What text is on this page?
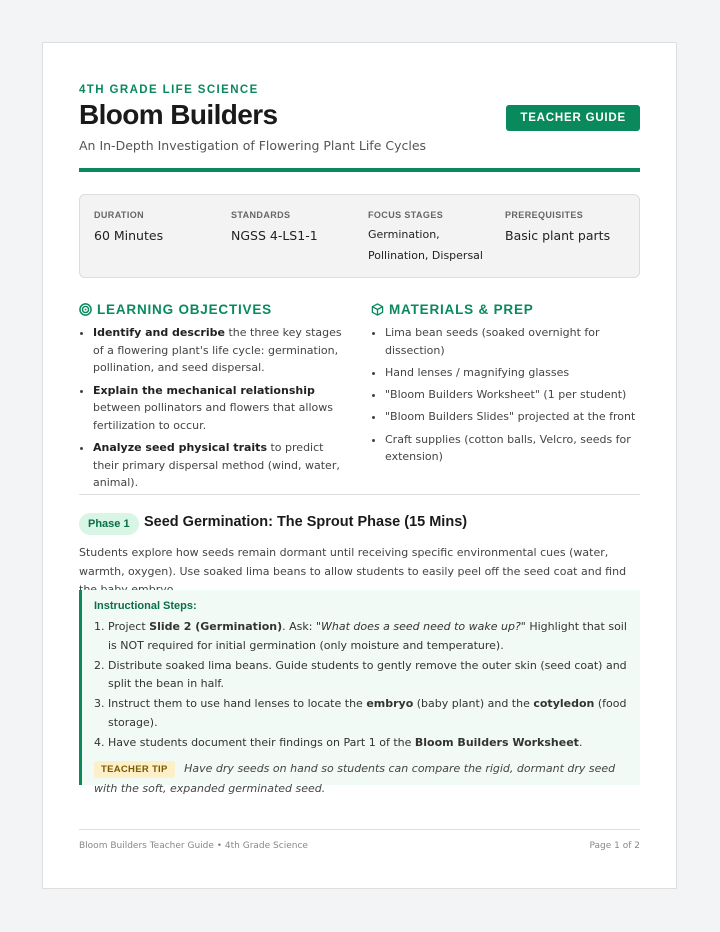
4TH GRADE LIFE SCIENCE
Bloom Builders
An In-Depth Investigation of Flowering Plant Life Cycles
TEACHER GUIDE
DURATION
60 Minutes
STANDARDS
NGSS 4-LS1-1
FOCUS STAGES
Germination, Pollination, Dispersal
PREREQUISITES
Basic plant parts
LEARNING OBJECTIVES
• Identify and describe the three key stages of a flowering plant's life cycle: germination, pollination, and seed dispersal.
• Explain the mechanical relationship between pollinators and flowers that allows fertilization to occur.
• Analyze seed physical traits to predict their primary dispersal method (wind, water, animal).
MATERIALS & PREP
• Lima bean seeds (soaked overnight for dissection)
• Hand lenses / magnifying glasses
• "Bloom Builders Worksheet" (1 per student)
• "Bloom Builders Slides" projected at the front
• Craft supplies (cotton balls, Velcro, seeds for extension)
Phase 1 Seed Germination: The Sprout Phase (15 Mins)
Students explore how seeds remain dormant until receiving specific environmental cues (water, warmth, oxygen). Use soaked lima beans to allow students to easily peel off the seed coat and find
Instructional Steps:
1. Project Slide 2 (Germination). Ask: "What does a seed need to wake up?" Highlight that soil is NOT required for initial germination (only moisture and temperature).
2. Distribute soaked lima beans. Guide students to gently remove the outer skin (seed coat) and split the bean in half.
3. Instruct them to use hand lenses to locate the embryo (baby plant) and the cotyledon (food storage).
4. Have students document their findings on Part 1 of the Bloom Builders Worksheet.
TEACHER TIP Have dry seeds on hand so students can compare the rigid, dormant dry seed with the soft, expanded germinated seed.
Bloom Builders Teacher Guide • 4th Grade Science	Page 1 of 2
